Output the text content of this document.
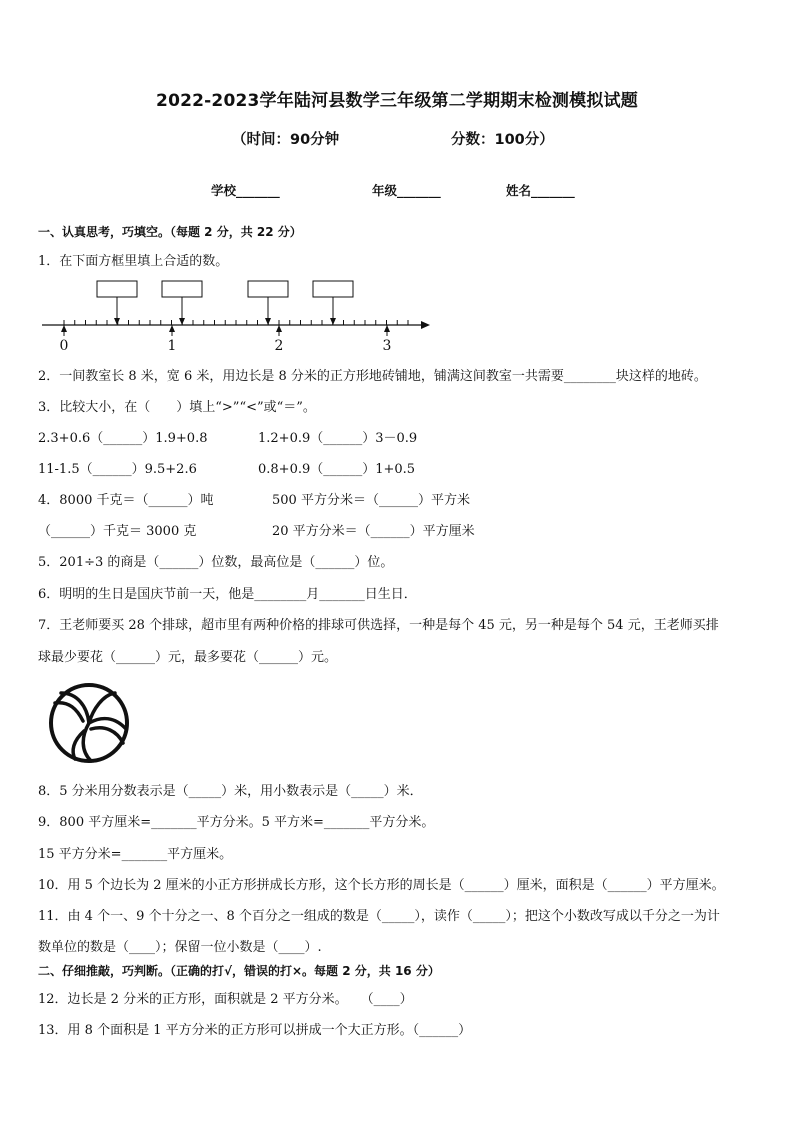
2022-2023学年陆河县数学三年级第二学期期末检测模拟试题
（时间：90分钟	分数：100分）
学校_______	年级_______	姓名_______
一、认真思考，巧填空。（每题 2 分，共 22 分）
1．在下面方框里填上合适的数。
0	1	2	3
2．一间教室长 8 米，宽 6 米，用边长是 8 分米的正方形地砖铺地，铺满这间教室一共需要________块这样的地砖。
3．比较大小，在（　　）填上“>”“<”或“＝”。
2.3+0.6（______）1.9+0.8	1.2+0.9（______）3－0.9
11-1.5（______）9.5+2.6	0.8+0.9（______）1+0.5
4．8000 千克＝（______）吨	500 平方分米＝（______）平方米
（______）千克＝ 3000 克	20 平方分米＝（______）平方厘米
5．201÷3 的商是（______）位数，最高位是（______）位。
6．明明的生日是国庆节前一天，他是________月_______日生日．
7．王老师要买 28 个排球，超市里有两种价格的排球可供选择，一种是每个 45 元，另一种是每个 54 元，王老师买排
球最少要花（______）元，最多要花（______）元。
8．5 分米用分数表示是（_____）米，用小数表示是（_____）米．
9．800 平方厘米=_______平方分米。5 平方米=_______平方分米。
15 平方分米=_______平方厘米。
10．用 5 个边长为 2 厘米的小正方形拼成长方形，这个长方形的周长是（______）厘米，面积是（______）平方厘米。
11．由 4 个一、9 个十分之一、8 个百分之一组成的数是（_____），读作（_____）；把这个小数改写成以千分之一为计
数单位的数是（____）；保留一位小数是（____）.
二、仔细推敲，巧判断。（正确的打√，错误的打×。每题 2 分，共 16 分）
12．边长是 2 分米的正方形，面积就是 2 平方分米。　　（____）
13．用 8 个面积是 1 平方分米的正方形可以拼成一个大正方形。（______）
